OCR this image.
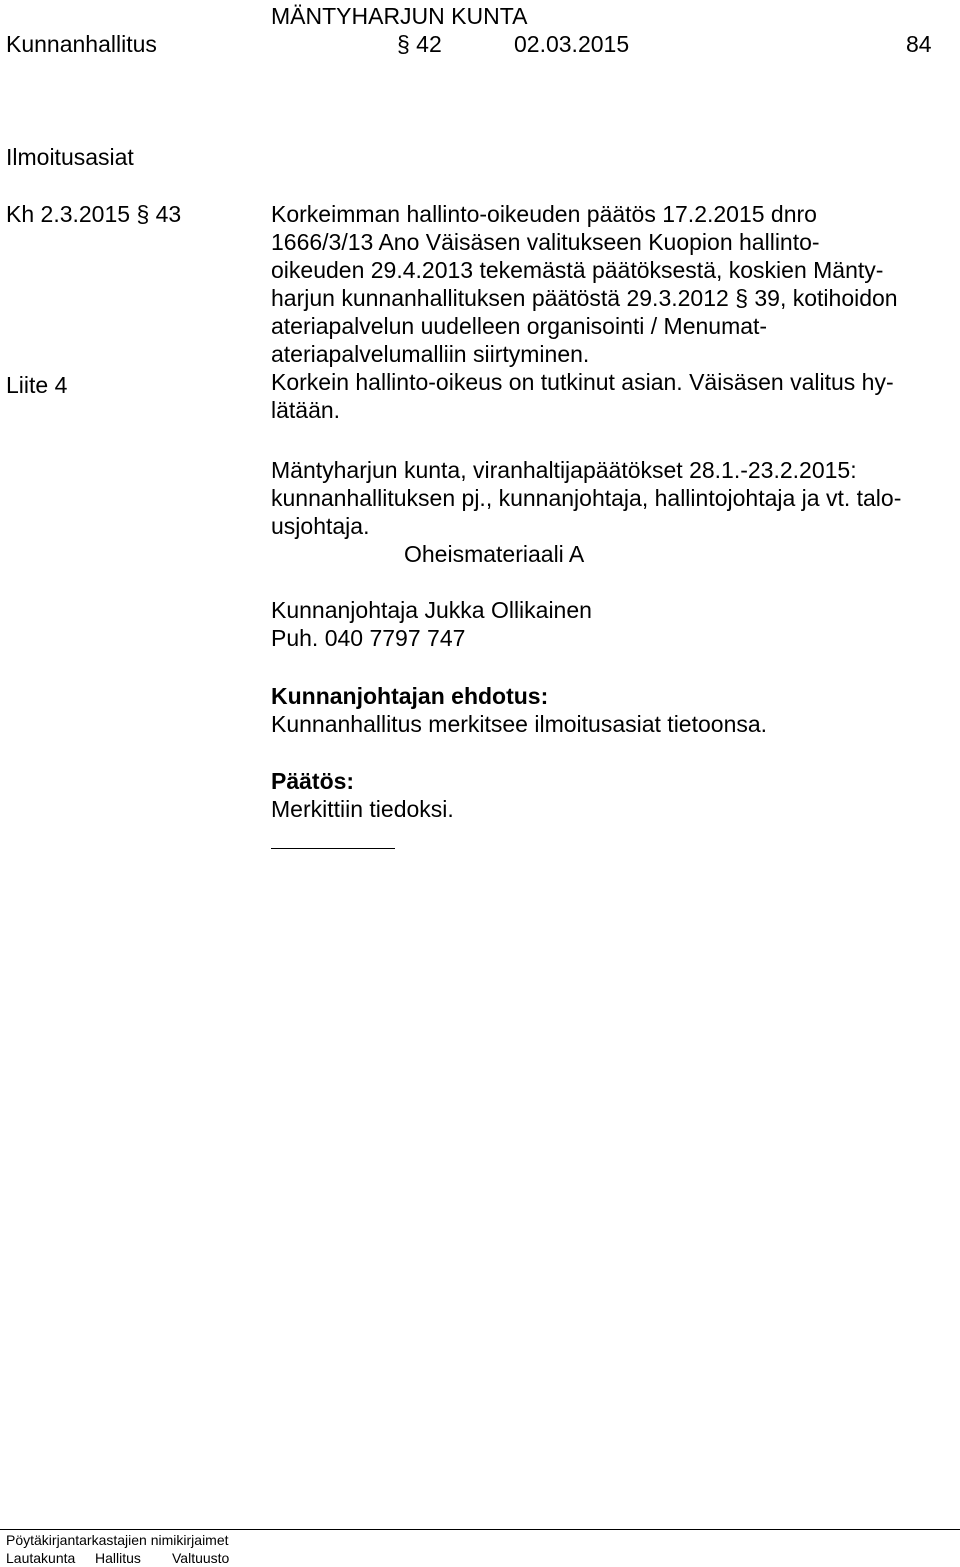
MÄNTYHARJUN KUNTA
Kunnanhallitus	§ 42	02.03.2015	84
Ilmoitusasiat
Kh 2.3.2015 § 43
Liite 4
Korkeimman hallinto-oikeuden päätös 17.2.2015 dnro
1666/3/13 Ano Väisäsen valitukseen Kuopion hallinto-
oikeuden 29.4.2013 tekemästä päätöksestä, koskien Mänty-
harjun kunnanhallituksen päätöstä 29.3.2012 § 39, kotihoidon
ateriapalvelun uudelleen organisointi / Menumat-
ateriapalvelumalliin siirtyminen.
Korkein hallinto-oikeus on tutkinut asian. Väisäsen valitus hy-
lätään.
Mäntyharjun kunta, viranhaltijapäätökset 28.1.-23.2.2015:
kunnanhallituksen pj., kunnanjohtaja, hallintojohtaja ja vt. talo-
usjohtaja.
Oheismateriaali A
Kunnanjohtaja Jukka Ollikainen
Puh. 040 7797 747
Kunnanjohtajan ehdotus:
Kunnanhallitus merkitsee ilmoitusasiat tietoonsa.
Päätös:
Merkittiin tiedoksi.
Pöytäkirjantarkastajien nimikirjaimet
Lautakunta Hallitus Valtuusto
